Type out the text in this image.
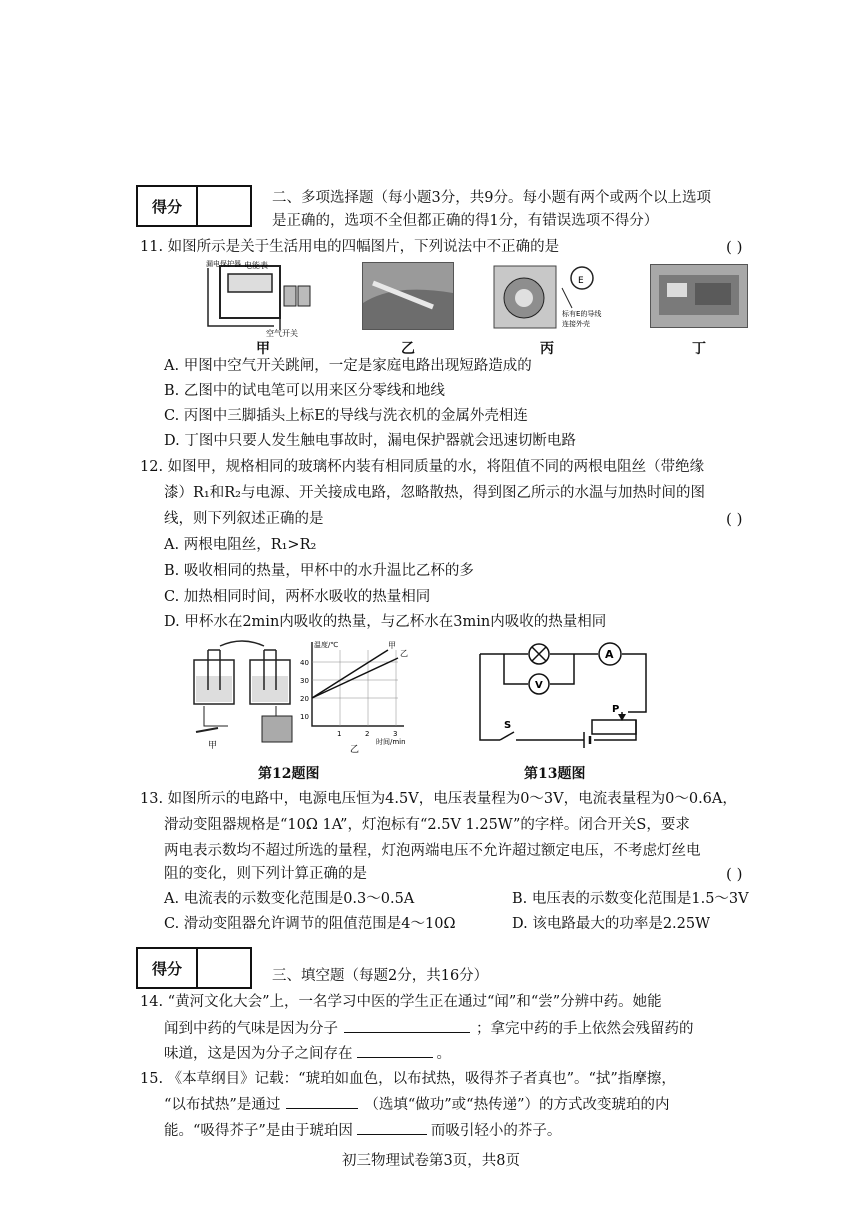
得分	二、多项选择题（每小题3分，共9分。每小题有两个或两个以上选项
是正确的，选项不全但都正确的得1分，有错误选项不得分）
11. 如图所示是关于生活用电的四幅图片，下列说法中不正确的是	( )
电能表
漏电保护器
空气开关
E
标有E的导线
连接外壳
甲	乙	丙	丁
A. 甲图中空气开关跳闸，一定是家庭电路出现短路造成的
B. 乙图中的试电笔可以用来区分零线和地线
C. 丙图中三脚插头上标E的导线与洗衣机的金属外壳相连
D. 丁图中只要人发生触电事故时，漏电保护器就会迅速切断电路
12. 如图甲，规格相同的玻璃杯内装有相同质量的水，将阻值不同的两根电阻丝（带绝缘
漆）R₁和R₂与电源、开关接成电路，忽略散热，得到图乙所示的水温与加热时间的图
线，则下列叙述正确的是	( )
A. 两根电阻丝，R₁>R₂
B. 吸收相同的热量，甲杯中的水升温比乙杯的多
C. 加热相同时间，两杯水吸收的热量相同
D. 甲杯水在2min内吸收的热量，与乙杯水在3min内吸收的热量相同
甲
温度/℃
40
30
20
10
1	2	3
时间/min
甲
乙
乙
A
V
S
P
第12题图	第13题图
13. 如图所示的电路中，电源电压恒为4.5V，电压表量程为0～3V，电流表量程为0～0.6A，
滑动变阻器规格是“10Ω 1A”，灯泡标有“2.5V 1.25W”的字样。闭合开关S，要求
两电表示数均不超过所选的量程，灯泡两端电压不允许超过额定电压，不考虑灯丝电
阻的变化，则下列计算正确的是	( )
A. 电流表的示数变化范围是0.3～0.5A	B. 电压表的示数变化范围是1.5～3V
C. 滑动变阻器允许调节的阻值范围是4～10Ω	D. 该电路最大的功率是2.25W
得分	三、填空题（每题2分，共16分）
14. “黄河文化大会”上，一名学习中医的学生正在通过“闻”和“尝”分辨中药。她能
闻到中药的气味是因为分子	；拿完中药的手上依然会残留药的
味道，这是因为分子之间存在	。
15. 《本草纲目》记载：“琥珀如血色，以布拭热，吸得芥子者真也”。“拭”指摩擦，
“以布拭热”是通过	（选填“做功”或“热传递”）的方式改变琥珀的内
能。“吸得芥子”是由于琥珀因	而吸引轻小的芥子。
初三物理试卷第3页，共8页
